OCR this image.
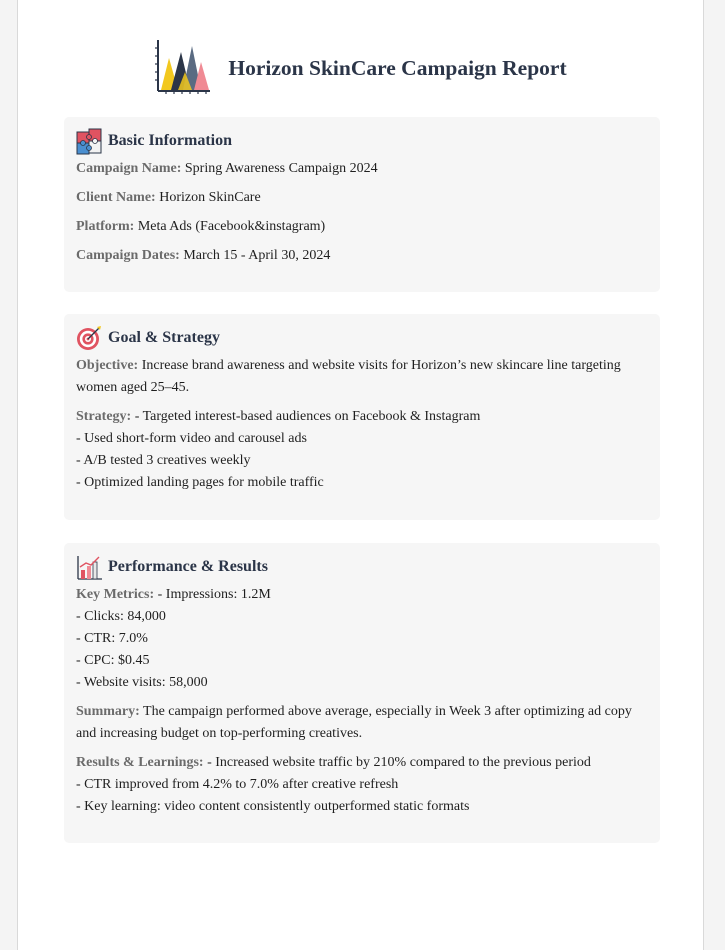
Horizon SkinCare Campaign Report
Basic Information
Campaign Name: Spring Awareness Campaign 2024
Client Name: Horizon SkinCare
Platform: Meta Ads (Facebook&instagram)
Campaign Dates: March 15 - April 30, 2024
Goal & Strategy
Objective: Increase brand awareness and website visits for Horizon’s new skincare line targeting women aged 25–45.
Strategy: - Targeted interest-based audiences on Facebook & Instagram
- Used short-form video and carousel ads
- A/B tested 3 creatives weekly
- Optimized landing pages for mobile traffic
Performance & Results
Key Metrics: - Impressions: 1.2M
- Clicks: 84,000
- CTR: 7.0%
- CPC: $0.45
- Website visits: 58,000
Summary: The campaign performed above average, especially in Week 3 after optimizing ad copy and increasing budget on top-performing creatives.
Results & Learnings: - Increased website traffic by 210% compared to the previous period
- CTR improved from 4.2% to 7.0% after creative refresh
- Key learning: video content consistently outperformed static formats
